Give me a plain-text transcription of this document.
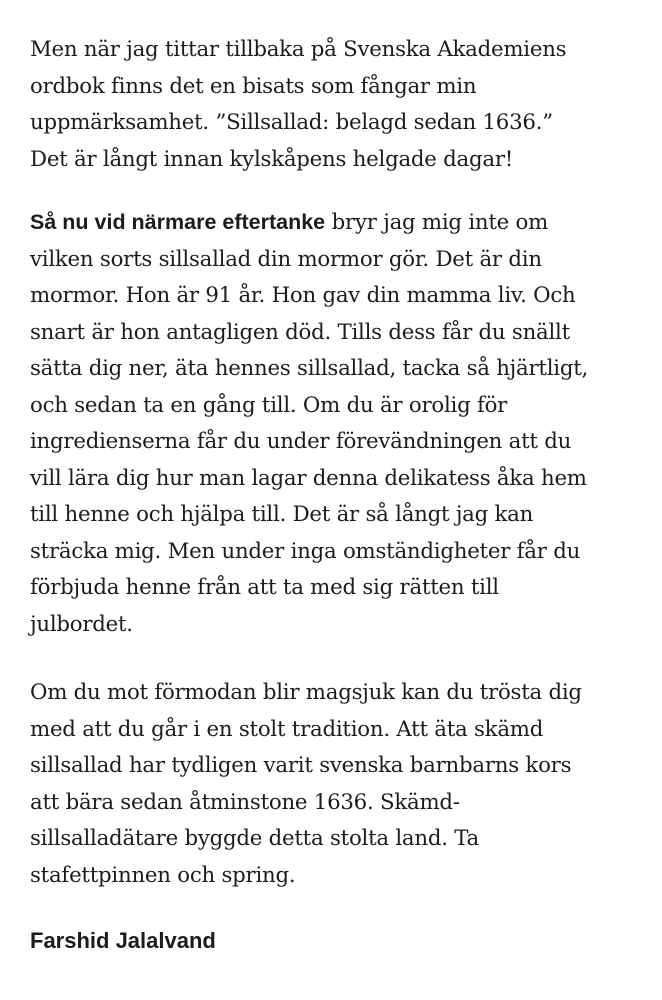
Men när jag tittar tillbaka på Svenska Akademiens
ordbok finns det en bisats som fångar min
uppmärksamhet. ”Sillsallad: belagd sedan 1636.”
Det är långt innan kylskåpens helgade dagar!

Så nu vid närmare eftertanke bryr jag mig inte om
vilken sorts sillsallad din mormor gör. Det är din
mormor. Hon är 91 år. Hon gav din mamma liv. Och
snart är hon antagligen död. Tills dess får du snällt
sätta dig ner, äta hennes sillsallad, tacka så hjärtligt,
och sedan ta en gång till. Om du är orolig för
ingredienserna får du under förevändningen att du
vill lära dig hur man lagar denna delikatess åka hem
till henne och hjälpa till. Det är så långt jag kan
sträcka mig. Men under inga omständigheter får du
förbjuda henne från att ta med sig rätten till
julbordet.

Om du mot förmodan blir magsjuk kan du trösta dig
med att du går i en stolt tradition. Att äta skämd
sillsallad har tydligen varit svenska barnbarns kors
att bära sedan åtminstone 1636. Skämd-
sillsalladätare byggde detta stolta land. Ta
stafettpinnen och spring.

Farshid Jalalvand
